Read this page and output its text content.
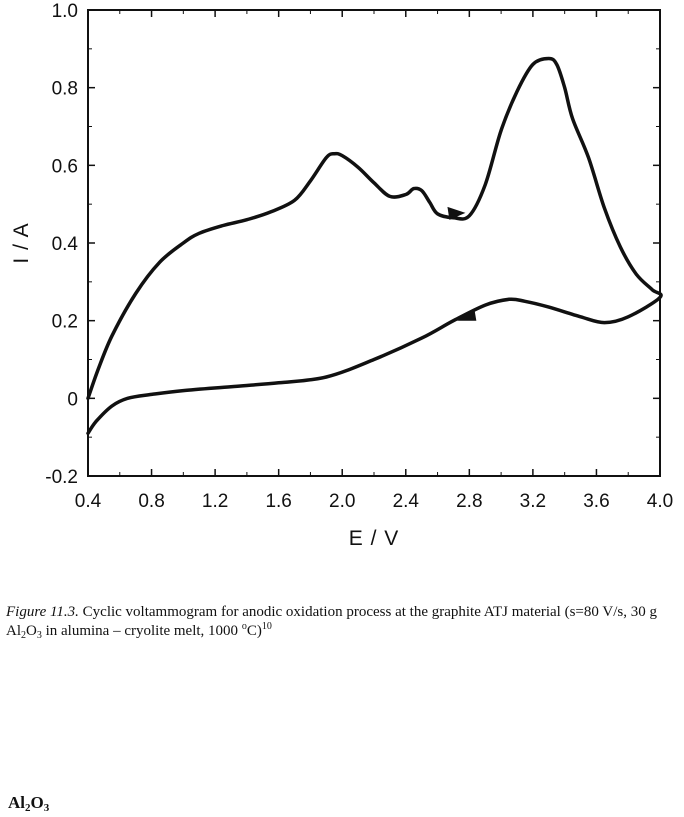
0.4 0.8 1.2 1.6 2.0 2.4 2.8 3.2 3.6 4.0
-0.2
0
0.2
0.4
0.6
0.8
1.0
E / V
I / A
Figure 11.3. Cyclic voltammogram for anodic oxidation process at the graphite ATJ material (s=80 V/s, 30 g $Al_2O_3$ in alumina – cryolite melt, 1000 $^o$C)$^{10}$
$Al_2O_3$
